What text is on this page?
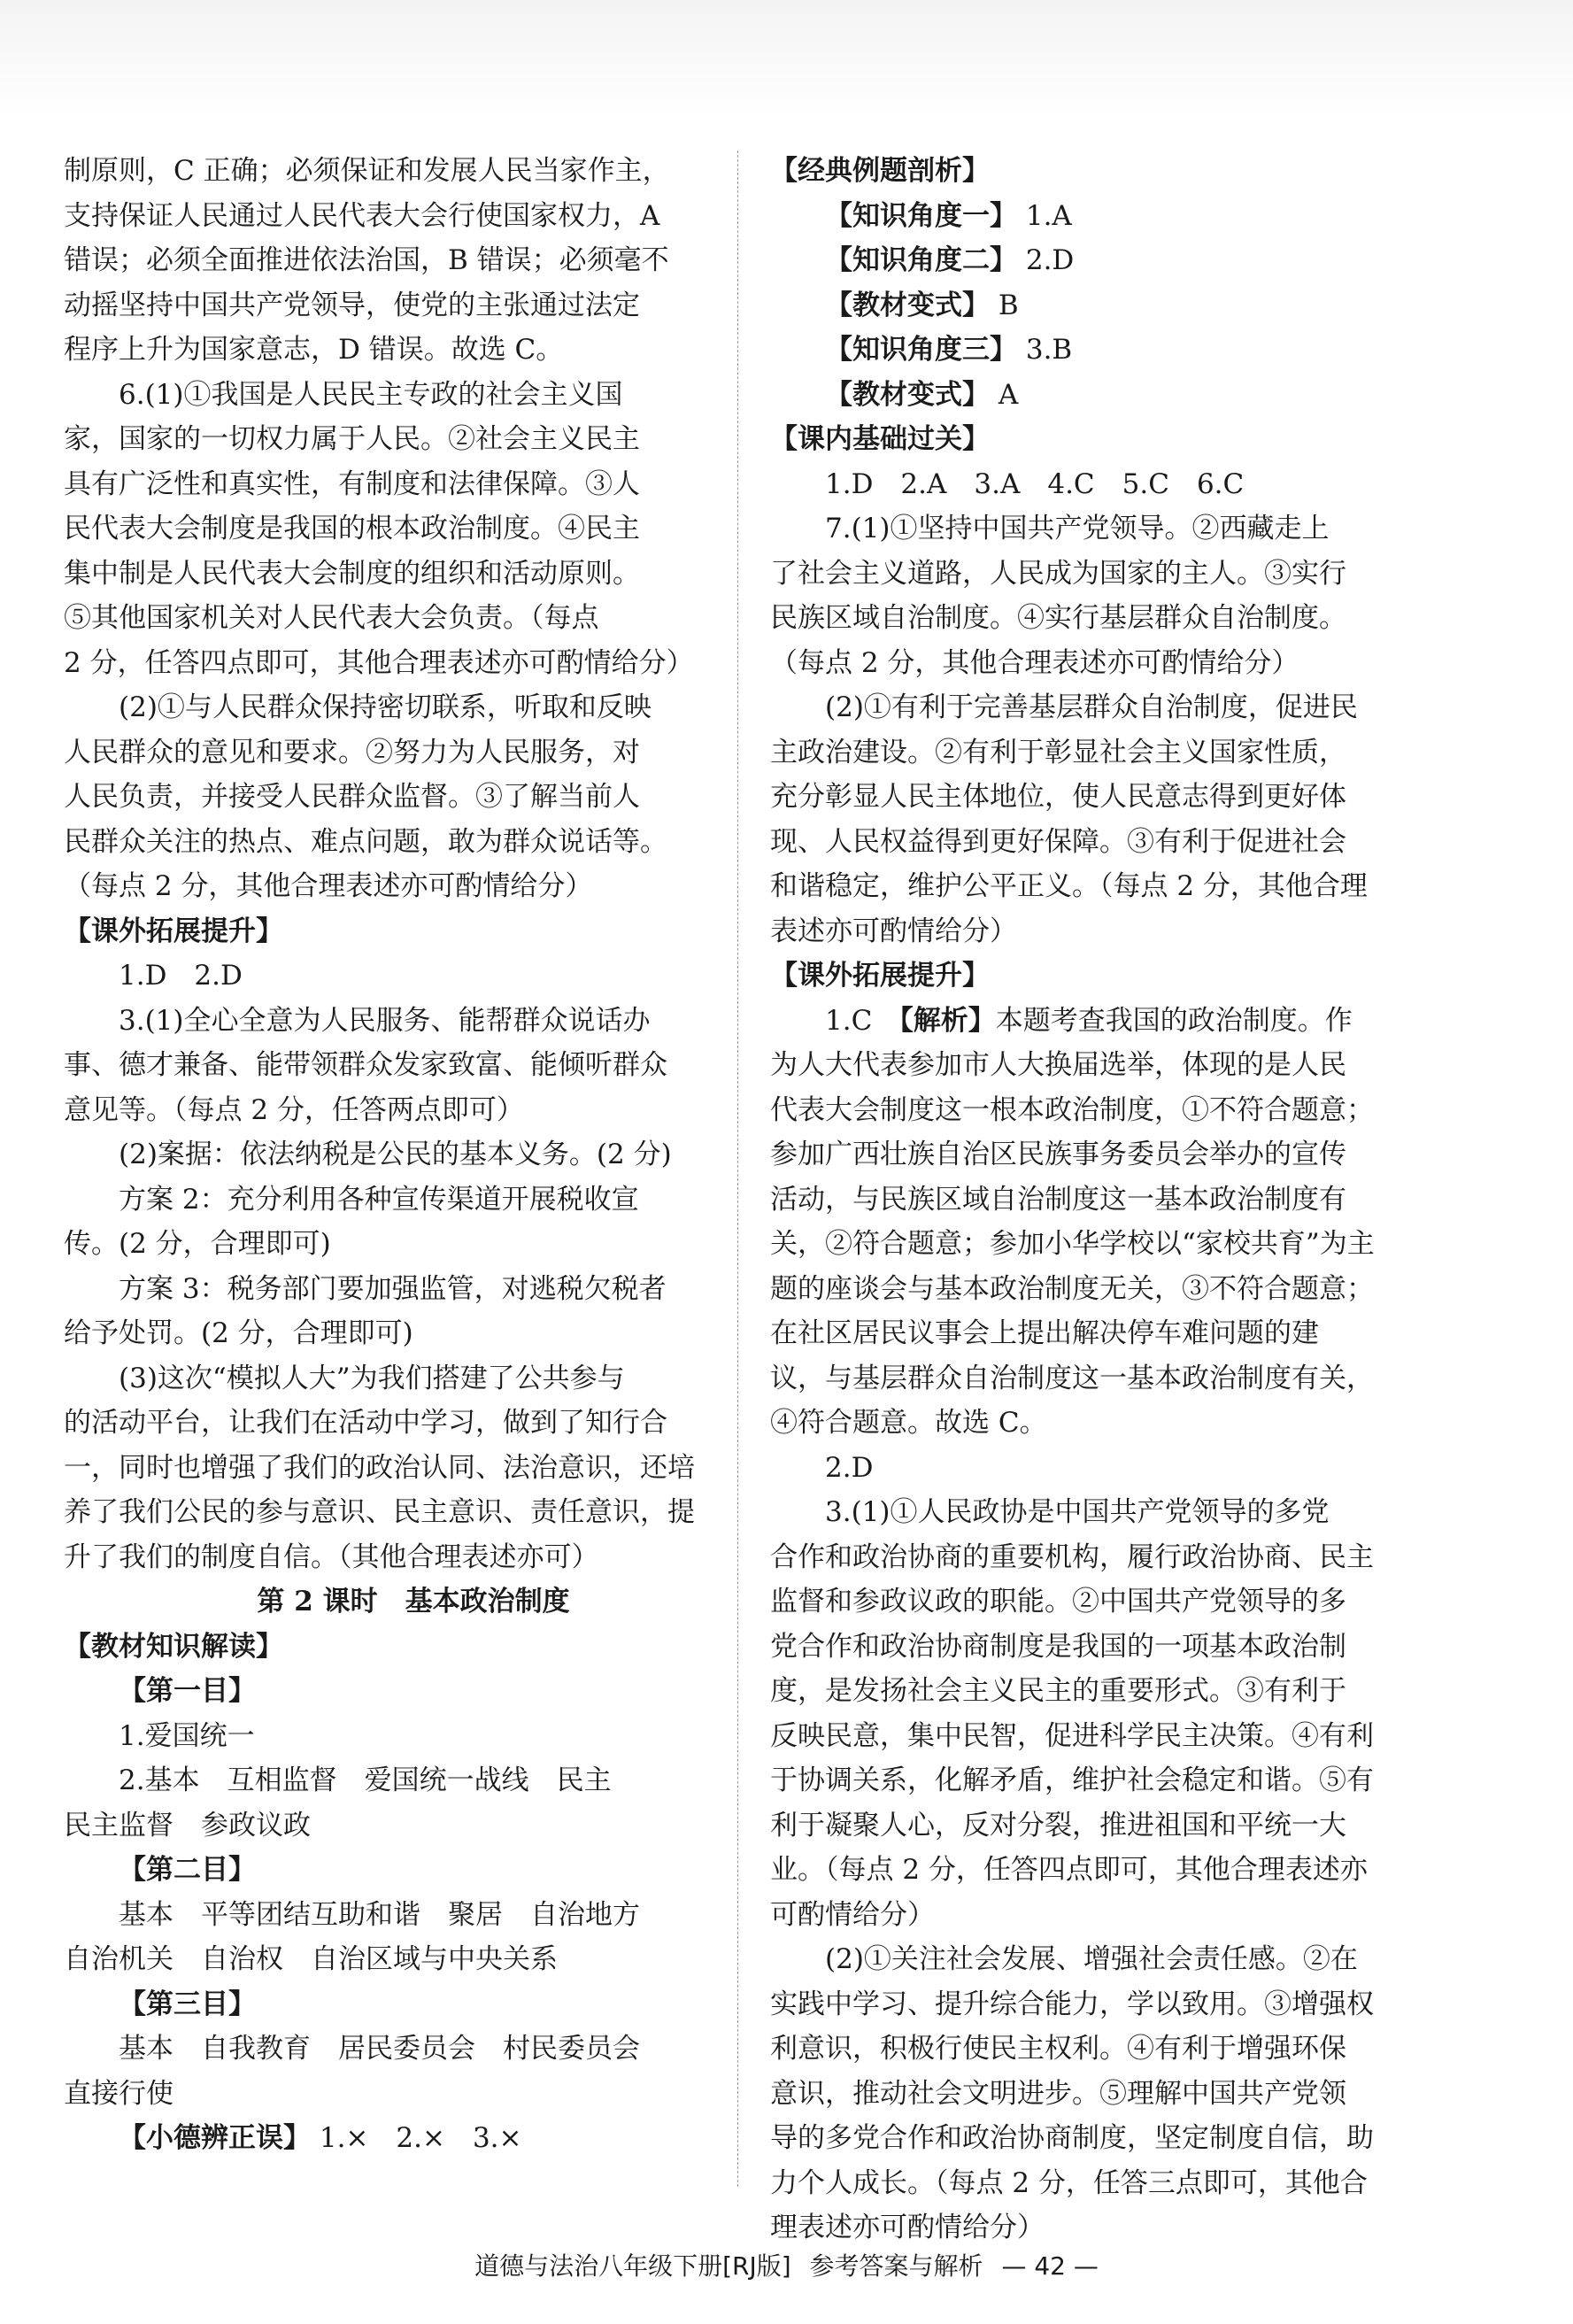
制原则，C 正确；必须保证和发展人民当家作主，
支持保证人民通过人民代表大会行使国家权力，A
错误；必须全面推进依法治国，B 错误；必须毫不
动摇坚持中国共产党领导，使党的主张通过法定
程序上升为国家意志，D 错误。故选 C。
6.(1)①我国是人民民主专政的社会主义国
家，国家的一切权力属于人民。②社会主义民主
具有广泛性和真实性，有制度和法律保障。③人
民代表大会制度是我国的根本政治制度。④民主
集中制是人民代表大会制度的组织和活动原则。
⑤其他国家机关对人民代表大会负责。（每点
2 分，任答四点即可，其他合理表述亦可酌情给分）
(2)①与人民群众保持密切联系，听取和反映
人民群众的意见和要求。②努力为人民服务，对
人民负责，并接受人民群众监督。③了解当前人
民群众关注的热点、难点问题，敢为群众说话等。
（每点 2 分，其他合理表述亦可酌情给分）
【课外拓展提升】
1.D　2.D
3.(1)全心全意为人民服务、能帮群众说话办
事、德才兼备、能带领群众发家致富、能倾听群众
意见等。（每点 2 分，任答两点即可）
(2)案据：依法纳税是公民的基本义务。(2 分)
方案 2：充分利用各种宣传渠道开展税收宣
传。(2 分，合理即可)
方案 3：税务部门要加强监管，对逃税欠税者
给予处罚。(2 分，合理即可)
(3)这次“模拟人大”为我们搭建了公共参与
的活动平台，让我们在活动中学习，做到了知行合
一，同时也增强了我们的政治认同、法治意识，还培
养了我们公民的参与意识、民主意识、责任意识，提
升了我们的制度自信。（其他合理表述亦可）
第 2 课时　基本政治制度
【教材知识解读】
【第一目】
1.爱国统一
2.基本　互相监督　爱国统一战线　民主
民主监督　参政议政
【第二目】
基本　平等团结互助和谐　聚居　自治地方
自治机关　自治权　自治区域与中央关系
【第三目】
基本　自我教育　居民委员会　村民委员会
直接行使
【小德辨正误】 1.×　2.×　3.×
【经典例题剖析】
【知识角度一】 1.A
【知识角度二】 2.D
【教材变式】 B
【知识角度三】 3.B
【教材变式】 A
【课内基础过关】
1.D　2.A　3.A　4.C　5.C　6.C
7.(1)①坚持中国共产党领导。②西藏走上
了社会主义道路，人民成为国家的主人。③实行
民族区域自治制度。④实行基层群众自治制度。
（每点 2 分，其他合理表述亦可酌情给分）
(2)①有利于完善基层群众自治制度，促进民
主政治建设。②有利于彰显社会主义国家性质，
充分彰显人民主体地位，使人民意志得到更好体
现、人民权益得到更好保障。③有利于促进社会
和谐稳定，维护公平正义。（每点 2 分，其他合理
表述亦可酌情给分）
【课外拓展提升】
1.C　【解析】本题考查我国的政治制度。作
为人大代表参加市人大换届选举，体现的是人民
代表大会制度这一根本政治制度，①不符合题意；
参加广西壮族自治区民族事务委员会举办的宣传
活动，与民族区域自治制度这一基本政治制度有
关，②符合题意；参加小华学校以“家校共育”为主
题的座谈会与基本政治制度无关，③不符合题意；
在社区居民议事会上提出解决停车难问题的建
议，与基层群众自治制度这一基本政治制度有关，
④符合题意。故选 C。
2.D
3.(1)①人民政协是中国共产党领导的多党
合作和政治协商的重要机构，履行政治协商、民主
监督和参政议政的职能。②中国共产党领导的多
党合作和政治协商制度是我国的一项基本政治制
度，是发扬社会主义民主的重要形式。③有利于
反映民意，集中民智，促进科学民主决策。④有利
于协调关系，化解矛盾，维护社会稳定和谐。⑤有
利于凝聚人心，反对分裂，推进祖国和平统一大
业。（每点 2 分，任答四点即可，其他合理表述亦
可酌情给分）
(2)①关注社会发展、增强社会责任感。②在
实践中学习、提升综合能力，学以致用。③增强权
利意识，积极行使民主权利。④有利于增强环保
意识，推动社会文明进步。⑤理解中国共产党领
导的多党合作和政治协商制度，坚定制度自信，助
力个人成长。（每点 2 分，任答三点即可，其他合
理表述亦可酌情给分）
道德与法治八年级下册[RJ版] 参考答案与解析 — 42 —
